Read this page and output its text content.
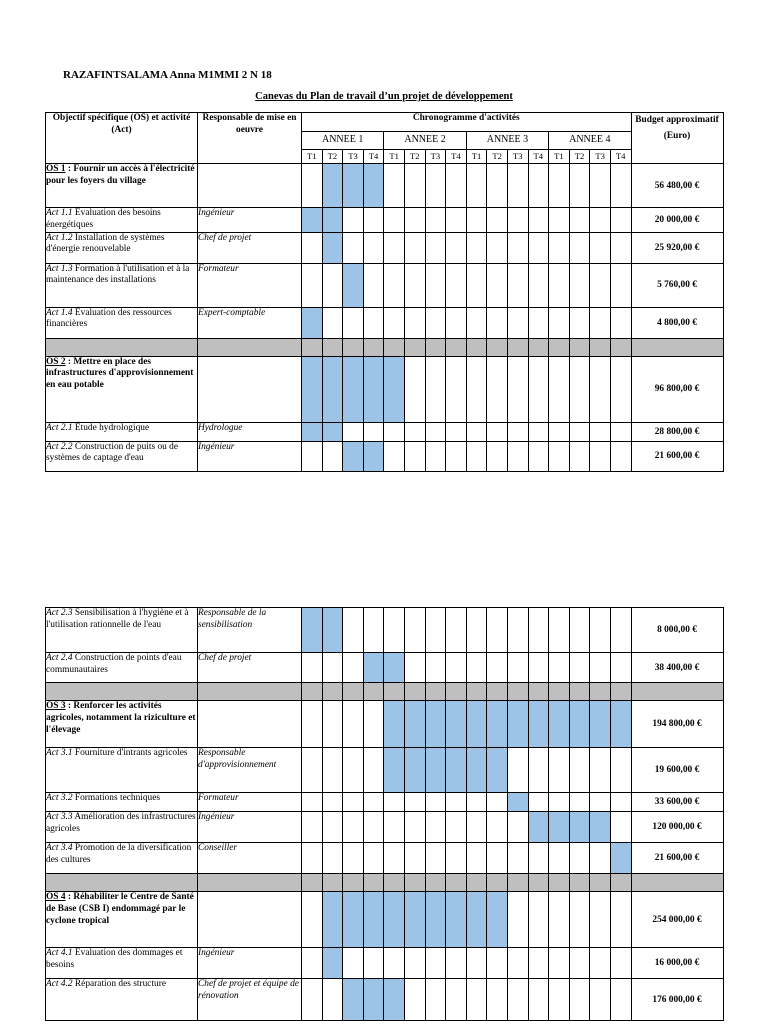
RAZAFINTSALAMA Anna M1MMI 2 N 18
Canevas du Plan de travail d’un projet de développement
Objectif spécifique (OS) et activité (Act)	Responsable de mise en oeuvre	Chronogramme d'activités																Budget approximatif (Euro)
		ANNEE 1				ANNEE 2				ANNEE 3				ANNEE 4				
		T1	T2	T3	T4	T1	T2	T3	T4	T1	T2	T3	T4	T1	T2	T3	T4	
OS 1 : Fournir un accès à l'électricité pour les foyers du village																		56 480,00 €
Act 1.1 Évaluation des besoins énergétiques	Ingénieur																	20 000,00 €
Act 1.2 Installation de systèmes d'énergie renouvelable	Chef de projet																	25 920,00 €
Act 1.3 Formation à l'utilisation et à la maintenance des installations	Formateur																	5 760,00 €
Act 1.4 Évaluation des ressources financières	Expert-comptable																	4 800,00 €

OS 2 : Mettre en place des infrastructures d'approvisionnement en eau potable																		96 800,00 €
Act 2.1 Étude hydrologique	Hydrologue																	28 800,00 €
Act 2.2 Construction de puits ou de systèmes de captage d'eau	Ingénieur																	21 600,00 €
Act 2.3 Sensibilisation à l'hygiène et à l'utilisation rationnelle de l'eau	Responsable de la sensibilisation																	8 000,00 €
Act 2.4 Construction de points d'eau communautaires	Chef de projet																	38 400,00 €

OS 3 : Renforcer les activités agricoles, notamment la riziculture et l'élevage																		194 800,00 €
Act 3.1 Fourniture d'intrants agricoles	Responsable d'approvisionnement																	19 600,00 €
Act 3.2 Formations techniques	Formateur																	33 600,00 €
Act 3.3 Amélioration des infrastructures agricoles	Ingénieur																	120 000,00 €
Act 3.4 Promotion de la diversification des cultures	Conseiller																	21 600,00 €

OS 4 : Réhabiliter le Centre de Santé de Base (CSB I) endommagé par le cyclone tropical																		254 000,00 €
Act 4.1 Evaluation des dommages et besoins	Ingénieur																	16 000,00 €
Act 4.2 Réparation des structure	Chef de projet et équipe de rénovation																	176 000,00 €
